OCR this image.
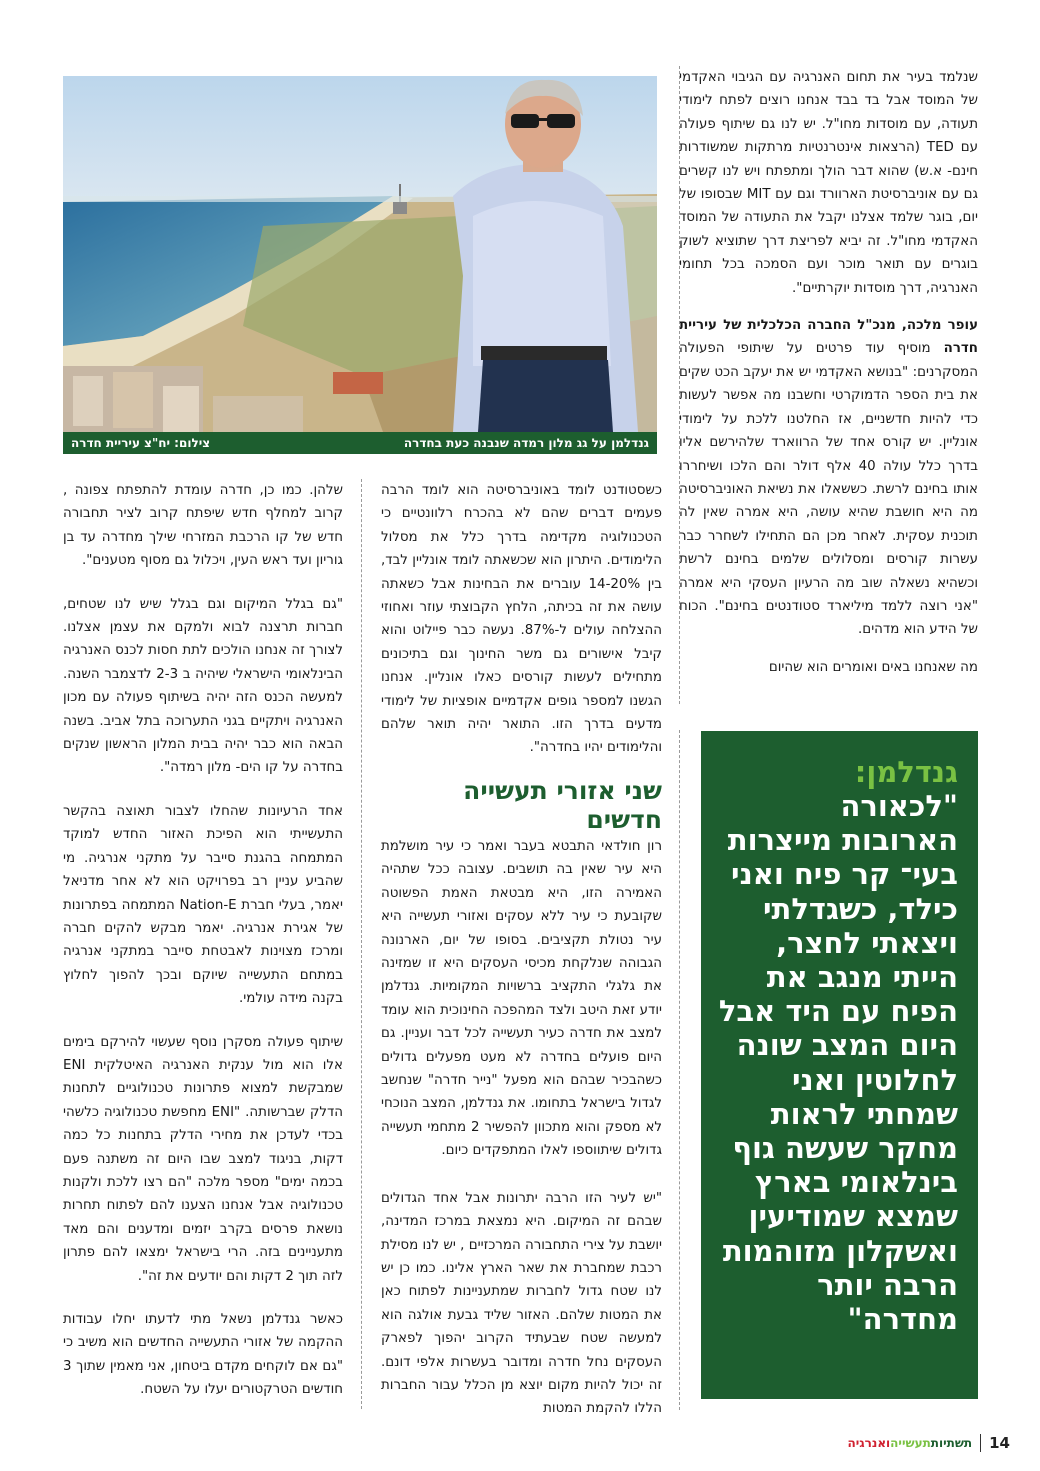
גנדלמן על גג מלון רמדה שנבנה כעת בחדרה
צילום: יח"צ עיריית חדרה

שנלמד בעיר את תחום האנרגיה עם הגיבוי האקדמי של המוסד אבל בד בבד אנחנו רוצים לפתח לימודי תעודה, עם מוסדות מחו"ל. יש לנו גם שיתוף פעולה עם TED (הרצאות אינטרנטיות מרתקות שמשודרות חינם- א.ש) שהוא דבר הולך ומתפתח ויש לנו קשרים גם עם אוניברסיטת הארוורד וגם עם MIT שבסופו של יום, בוגר שלמד אצלנו יקבל את התעודה של המוסד האקדמי מחו"ל. זה יביא לפריצת דרך שתוציא לשוק בוגרים עם תואר מוכר ועם הסמכה בכל תחומי האנרגיה, דרך מוסדות יוקרתיים".

עופר מלכה, מנכ"ל החברה הכלכלית של עיריית חדרה מוסיף עוד פרטים על שיתופי הפעולה המסקרנים: "בנושא האקדמי יש את יעקב הכט שקים את בית הספר הדמוקרטי וחשבנו מה אפשר לעשות כדי להיות חדשניים, אז החלטנו ללכת על לימודי אונליין. יש קורס אחד של הרווארד שלהירשם אליו בדרך כלל עולה 40 אלף דולר והם הלכו ושיחררו אותו בחינם לרשת. כששאלו את נשיאת האוניברסיטה מה היא חושבת שהיא עושה, היא אמרה שאין לה תוכנית עסקית. לאחר מכן הם התחילו לשחרר כבר עשרות קורסים ומסלולים שלמים בחינם לרשת וכשהיא נשאלה שוב מה הרעיון העסקי היא אמרה "אני רוצה ללמד מיליארד סטודנטים בחינם". הכוח של הידע הוא מדהים.

מה שאנחנו באים ואומרים הוא שהיום

גנדלמן:
"לכאורה הארובות מייצרות בעי־ קר פיח ואני כילד, כשגדלתי ויצאתי לחצר, הייתי מנגב את הפיח עם היד אבל היום המצב שונה לחלוטין ואני שמחתי לראות מחקר שעשה גוף בינלאומי בארץ שמצא שמודיעין ואשקלון מזוהמות הרבה יותר מחדרה"

כשסטודנט לומד באוניברסיטה הוא לומד הרבה פעמים דברים שהם לא בהכרח רלוונטיים כי הטכנולוגיה מקדימה בדרך כלל את מסלול הלימודים. היתרון הוא שכשאתה לומד אונליין לבד, בין 14-20% עוברים את הבחינות אבל כשאתה עושה את זה בכיתה, הלחץ הקבוצתי עוזר ואחוזי ההצלחה עולים ל-87%. נעשה כבר פיילוט והוא קיבל אישורים גם משר החינוך וגם בתיכונים מתחילים לעשות קורסים כאלו אונליין. אנחנו הגשנו למספר גופים אקדמיים אופציות של לימודי מדעים בדרך הזו. התואר יהיה תואר שלהם והלימודים יהיו בחדרה".

שני אזורי תעשייה חדשים

רון חולדאי התבטא בעבר ואמר כי עיר מושלמת היא עיר שאין בה תושבים. עצובה ככל שתהיה האמירה הזו, היא מבטאת האמת הפשוטה שקובעת כי עיר ללא עסקים ואזורי תעשייה היא עיר נטולת תקציבים. בסופו של יום, הארנונה הגבוהה שנלקחת מכיסי העסקים היא זו שמזינה את גלגלי התקציב ברשויות המקומיות. גנדלמן יודע זאת היטב ולצד המהפכה החינוכית הוא עומד למצב את חדרה כעיר תעשייה לכל דבר ועניין. גם היום פועלים בחדרה לא מעט מפעלים גדולים כשהבכיר שבהם הוא מפעל "נייר חדרה" שנחשב לגדול בישראל בתחומו. את גנדלמן, המצב הנוכחי לא מספק והוא מתכוון להפשיר 2 מתחמי תעשייה גדולים שיתווספו לאלו המתפקדים כיום.

"יש לעיר הזו הרבה יתרונות אבל אחד הגדולים שבהם זה המיקום. היא נמצאת במרכז המדינה, יושבת על צירי התחבורה המרכזיים , יש לנו מסילת רכבת שמחברת את שאר הארץ אלינו. כמו כן יש לנו שטח גדול לחברות שמתעניינות לפתוח כאן את המטות שלהם. האזור שליד גבעת אולגה הוא למעשה שטח שבעתיד הקרוב יהפוך לפארק העסקים נחל חדרה ומדובר בעשרות אלפי דונם. זה יכול להיות מקום יוצא מן הכלל עבור החברות הללו להקמת המטות

שלהן. כמו כן, חדרה עומדת להתפתח צפונה , קרוב למחלף חדש שיפתח קרוב לציר תחבורה חדש של קו הרכבת המזרחי שילך מחדרה עד בן גוריון ועד ראש העין, ויכלול גם מסוף מטענים".

"גם בגלל המיקום וגם בגלל שיש לנו שטחים, חברות תרצנה לבוא ולמקם את עצמן אצלנו. לצורך זה אנחנו הולכים לתת חסות לכנס האנרגיה הבינלאומי הישראלי שיהיה ב 2-3 לדצמבר השנה. למעשה הכנס הזה יהיה בשיתוף פעולה עם מכון האנרגיה ויתקיים בגני התערוכה בתל אביב. בשנה הבאה הוא כבר יהיה בבית המלון הראשון שנקים בחדרה על קו הים- מלון רמדה".

אחד הרעיונות שהחלו לצבור תאוצה בהקשר התעשייתי הוא הפיכת האזור החדש למוקד המתמחה בהגנת סייבר על מתקני אנרגיה. מי שהביע עניין רב בפרויקט הוא לא אחר מדניאל יאמר, בעלי חברת Nation-E המתמחה בפתרונות של אגירת אנרגיה. יאמר מבקש להקים חברה ומרכז מצוינות לאבטחת סייבר במתקני אנרגיה במתחם התעשייה שיוקם ובכך להפוך לחלוץ בקנה מידה עולמי.

שיתוף פעולה מסקרן נוסף שעשוי להירקם בימים אלו הוא מול ענקית האנרגיה האיטלקית ENI שמבקשת למצוא פתרונות טכנולוגיים לתחנות הדלק שברשותה. "ENI מחפשת טכנולוגיה כלשהי בכדי לעדכן את מחירי הדלק בתחנות כל כמה דקות, בניגוד למצב שבו היום זה משתנה פעם בכמה ימים" מספר מלכה "הם רצו ללכת ולקנות טכנולוגיה אבל אנחנו הצענו להם לפתוח תחרות נושאת פרסים בקרב יזמים ומדענים והם מאד מתעניינים בזה. הרי בישראל ימצאו להם פתרון לזה תוך 2 דקות והם יודעים את זה".

כאשר גנדלמן נשאל מתי לדעתו יחלו עבודות ההקמה של אזורי התעשייה החדשים הוא משיב כי "גם אם לוקחים מקדם ביטחון, אני מאמין שתוך 3 חודשים הטרקטורים יעלו על השטח.

תשתיותתעשייהואנרגיה	14
